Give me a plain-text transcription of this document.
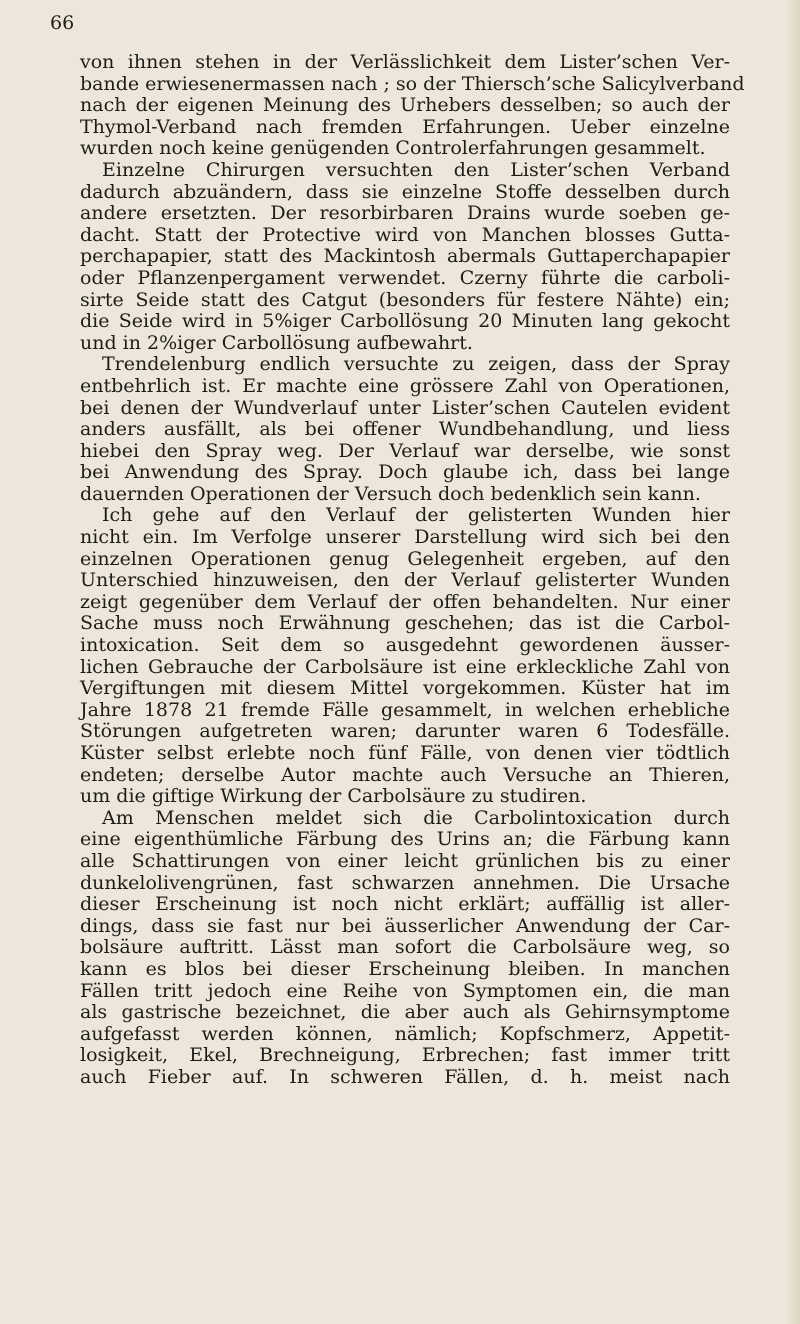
66
von ihnen stehen in der Verlässlichkeit dem Lister’schen Ver-
bande erwiesenermassen nach ; so der Thiersch’sche Salicylverband
nach der eigenen Meinung des Urhebers desselben; so auch der
Thymol-Verband nach fremden Erfahrungen. Ueber einzelne
wurden noch keine genügenden Controlerfahrungen gesammelt.
Einzelne Chirurgen versuchten den Lister’schen Verband
dadurch abzuändern, dass sie einzelne Stoffe desselben durch
andere ersetzten. Der resorbirbaren Drains wurde soeben ge-
dacht. Statt der Protective wird von Manchen blosses Gutta-
perchapapier, statt des Mackintosh abermals Guttaperchapapier
oder Pflanzenpergament verwendet. Czerny führte die carboli-
sirte Seide statt des Catgut (besonders für festere Nähte) ein;
die Seide wird in 5%iger Carbollösung 20 Minuten lang gekocht
und in 2%iger Carbollösung aufbewahrt.
Trendelenburg endlich versuchte zu zeigen, dass der Spray
entbehrlich ist. Er machte eine grössere Zahl von Operationen,
bei denen der Wundverlauf unter Lister’schen Cautelen evident
anders ausfällt, als bei offener Wundbehandlung, und liess
hiebei den Spray weg. Der Verlauf war derselbe, wie sonst
bei Anwendung des Spray. Doch glaube ich, dass bei lange
dauernden Operationen der Versuch doch bedenklich sein kann.
Ich gehe auf den Verlauf der gelisterten Wunden hier
nicht ein. Im Verfolge unserer Darstellung wird sich bei den
einzelnen Operationen genug Gelegenheit ergeben, auf den
Unterschied hinzuweisen, den der Verlauf gelisterter Wunden
zeigt gegenüber dem Verlauf der offen behandelten. Nur einer
Sache muss noch Erwähnung geschehen; das ist die Carbol-
intoxication. Seit dem so ausgedehnt gewordenen äusser-
lichen Gebrauche der Carbolsäure ist eine erkleckliche Zahl von
Vergiftungen mit diesem Mittel vorgekommen. Küster hat im
Jahre 1878 21 fremde Fälle gesammelt, in welchen erhebliche
Störungen aufgetreten waren; darunter waren 6 Todesfälle.
Küster selbst erlebte noch fünf Fälle, von denen vier tödtlich
endeten; derselbe Autor machte auch Versuche an Thieren,
um die giftige Wirkung der Carbolsäure zu studiren.
Am Menschen meldet sich die Carbolintoxication durch
eine eigenthümliche Färbung des Urins an; die Färbung kann
alle Schattirungen von einer leicht grünlichen bis zu einer
dunkelolivengrünen, fast schwarzen annehmen. Die Ursache
dieser Erscheinung ist noch nicht erklärt; auffällig ist aller-
dings, dass sie fast nur bei äusserlicher Anwendung der Car-
bolsäure auftritt. Lässt man sofort die Carbolsäure weg, so
kann es blos bei dieser Erscheinung bleiben. In manchen
Fällen tritt jedoch eine Reihe von Symptomen ein, die man
als gastrische bezeichnet, die aber auch als Gehirnsymptome
aufgefasst werden können, nämlich; Kopfschmerz, Appetit-
losigkeit, Ekel, Brechneigung, Erbrechen; fast immer tritt
auch Fieber auf. In schweren Fällen, d. h. meist nach
